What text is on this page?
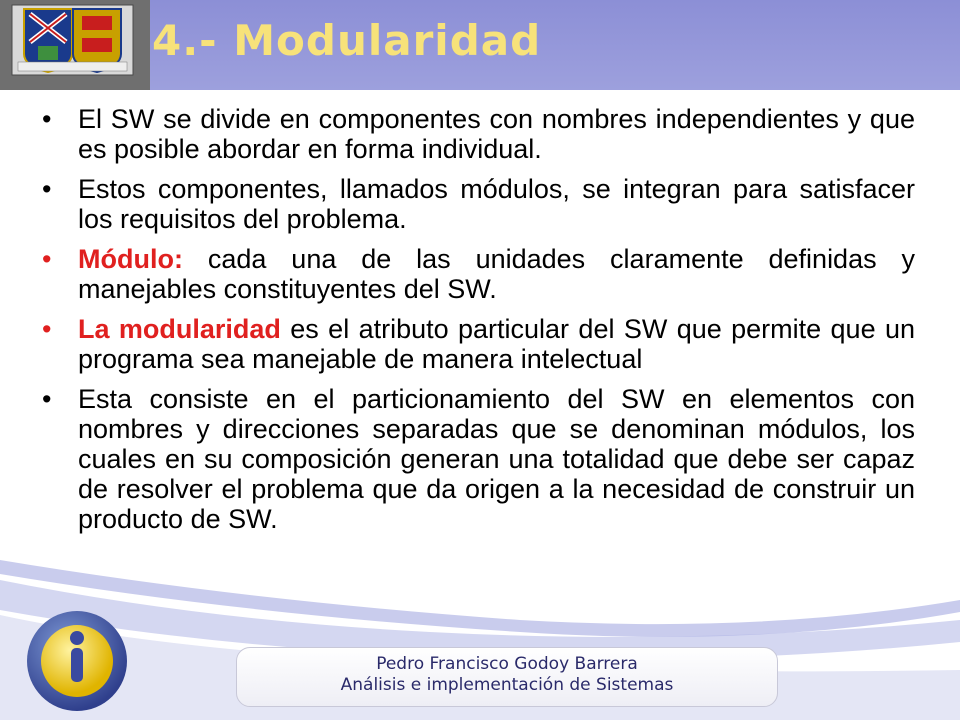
4.- Modularidad
• El SW se divide en componentes con nombres independientes y que es posible abordar en forma individual.
• Estos componentes, llamados módulos, se integran para satisfacer los requisitos del problema.
• Módulo: cada una de las unidades claramente definidas y manejables constituyentes del SW.
• La modularidad es el atributo particular del SW que permite que un programa sea manejable de manera intelectual
• Esta consiste en el particionamiento del SW en elementos con nombres y direcciones separadas que se denominan módulos, los cuales en su composición generan una totalidad que debe ser capaz de resolver el problema que da origen a la necesidad de construir un producto de SW.
Pedro Francisco Godoy Barrera
Análisis e implementación de Sistemas
